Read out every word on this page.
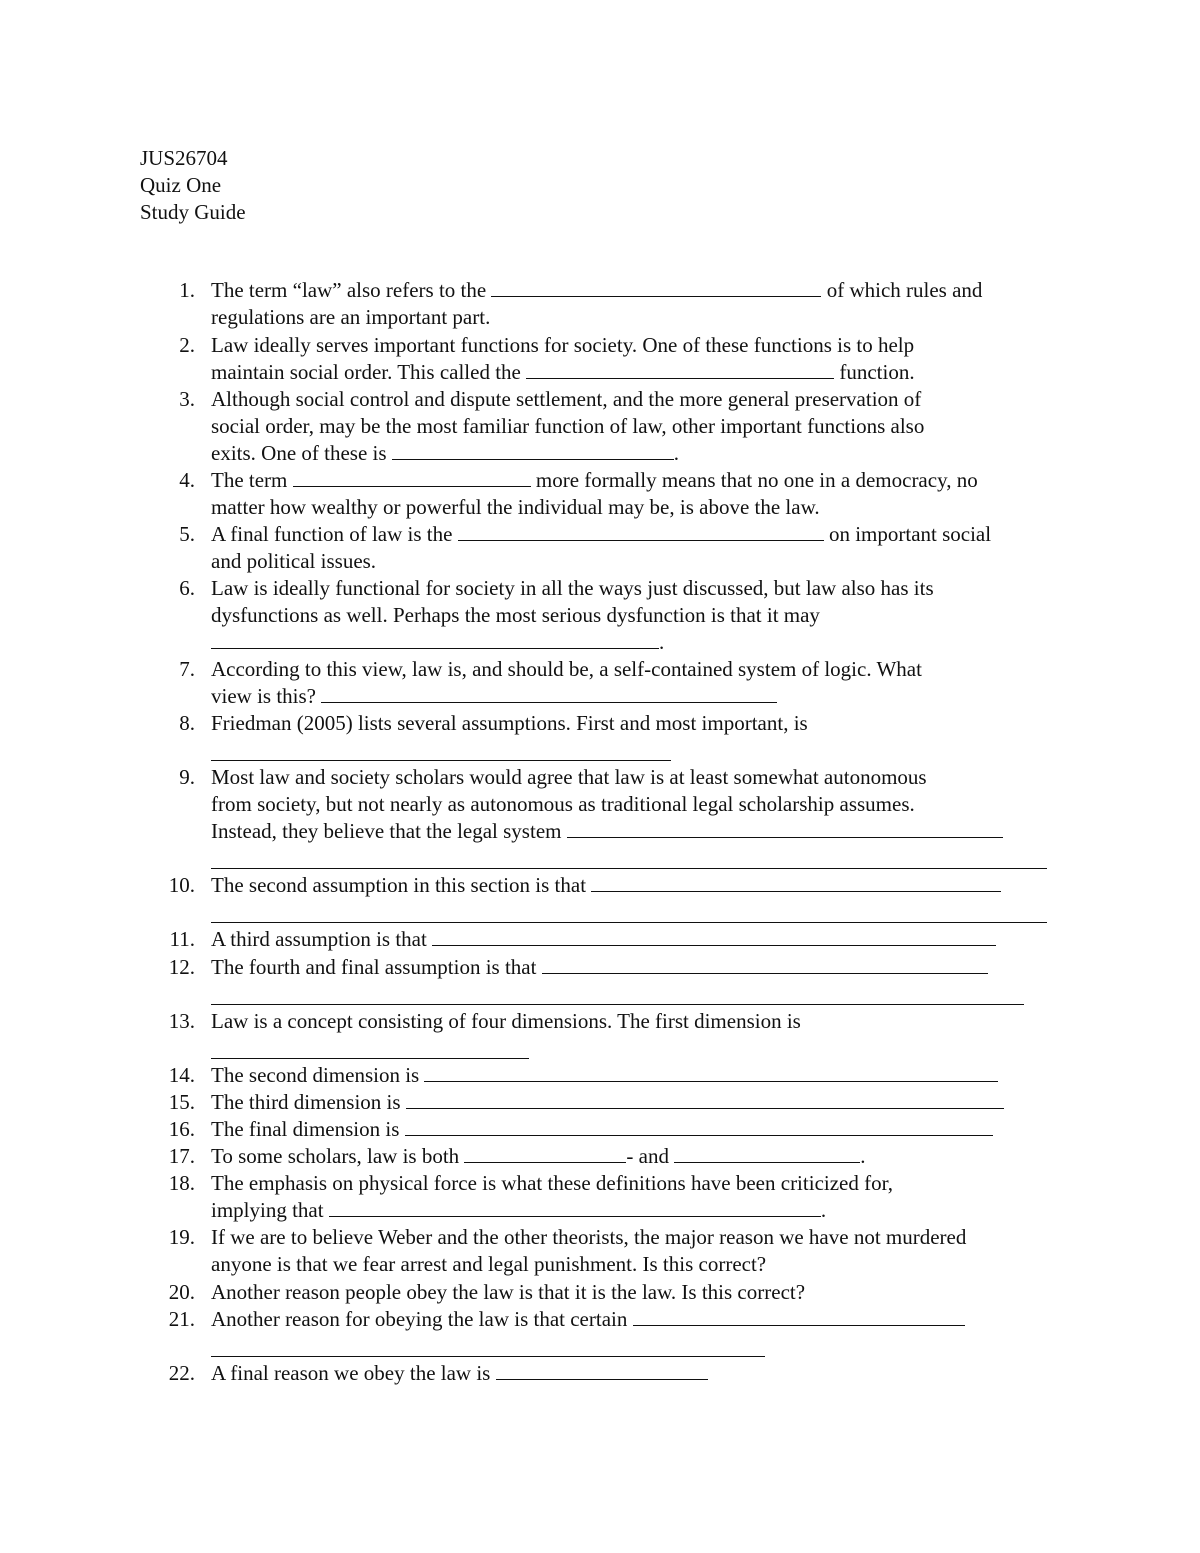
JUS26704
Quiz One
Study Guide
1. The term “law” also refers to the	of which rules and
regulations are an important part.
2. Law ideally serves important functions for society. One of these functions is to help
maintain social order. This called the	function.
3. Although social control and dispute settlement, and the more general preservation of
social order, may be the most familiar function of law, other important functions also
exits. One of these is	.
4. The term	more formally means that no one in a democracy, no
matter how wealthy or powerful the individual may be, is above the law.
5. A final function of law is the	on important social
and political issues.
6. Law is ideally functional for society in all the ways just discussed, but law also has its
dysfunctions as well. Perhaps the most serious dysfunction is that it may
.
7. According to this view, law is, and should be, a self-contained system of logic. What
view is this?
8. Friedman (2005) lists several assumptions. First and most important, is
9. Most law and society scholars would agree that law is at least somewhat autonomous
from society, but not nearly as autonomous as traditional legal scholarship assumes.
Instead, they believe that the legal system
10. The second assumption in this section is that
11. A third assumption is that
12. The fourth and final assumption is that
13. Law is a concept consisting of four dimensions. The first dimension is
14. The second dimension is
15. The third dimension is
16. The final dimension is
17. To some scholars, law is both	- and	.
18. The emphasis on physical force is what these definitions have been criticized for,
implying that	.
19. If we are to believe Weber and the other theorists, the major reason we have not murdered
anyone is that we fear arrest and legal punishment. Is this correct?
20. Another reason people obey the law is that it is the law. Is this correct?
21. Another reason for obeying the law is that certain
22. A final reason we obey the law is
